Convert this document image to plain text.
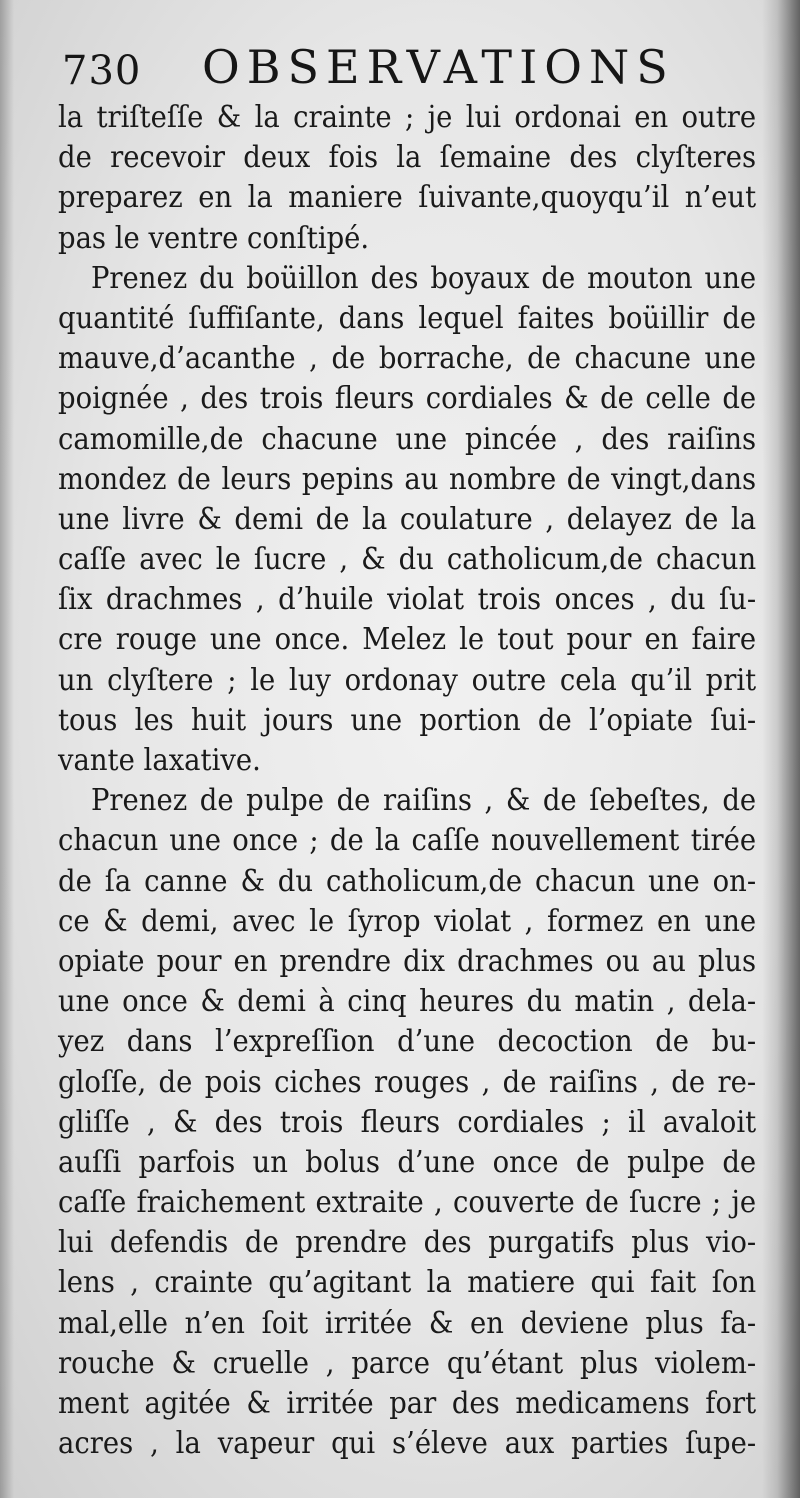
730 OBSERVATIONS
la triſteſſe & la crainte ; je lui ordonai en outre
de recevoir deux fois la ſemaine des clyſteres
preparez en la maniere ſuivante,quoyqu’il n’eut
pas le ventre conſtipé.
Prenez du boüillon des boyaux de mouton une
quantité ſuffiſante, dans lequel faites boüillir de
mauve,d’acanthe , de borrache, de chacune une
poignée , des trois fleurs cordiales & de celle de
camomille,de chacune une pincée , des raiſins
mondez de leurs pepins au nombre de vingt,dans
une livre & demi de la coulature , delayez de la
caſſe avec le ſucre , & du catholicum,de chacun
ſix drachmes , d’huile violat trois onces , du ſu-
cre rouge une once. Melez le tout pour en faire
un clyſtere ; le luy ordonay outre cela qu’il prit
tous les huit jours une portion de l’opiate ſui-
vante laxative.
Prenez de pulpe de raiſins , & de ſebeſtes, de
chacun une once ; de la caſſe nouvellement tirée
de ſa canne & du catholicum,de chacun une on-
ce & demi, avec le ſyrop violat , formez en une
opiate pour en prendre dix drachmes ou au plus
une once & demi à cinq heures du matin , dela-
yez dans l’expreſſion d’une decoction de bu-
gloſſe, de pois ciches rouges , de raiſins , de re-
gliſſe , & des trois fleurs cordiales ; il avaloit
auſſi parfois un bolus d’une once de pulpe de
caſſe fraichement extraite , couverte de ſucre ; je
lui defendis de prendre des purgatifs plus vio-
lens , crainte qu’agitant la matiere qui fait ſon
mal,elle n’en ſoit irritée & en deviene plus fa-
rouche & cruelle , parce qu’étant plus violem-
ment agitée & irritée par des medicamens fort
acres , la vapeur qui s’éleve aux parties ſupe-
